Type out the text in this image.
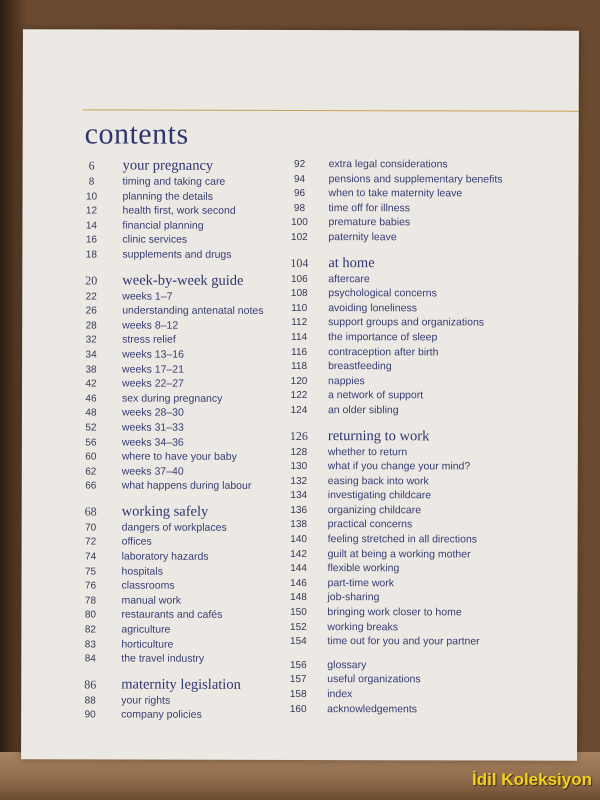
contents
6	your pregnancy
8	timing and taking care
10	planning the details
12	health first, work second
14	financial planning
16	clinic services
18	supplements and drugs
20	week-by-week guide
22	weeks 1–7
26	understanding antenatal notes
28	weeks 8–12
32	stress relief
34	weeks 13–16
38	weeks 17–21
42	weeks 22–27
46	sex during pregnancy
48	weeks 28–30
52	weeks 31–33
56	weeks 34–36
60	where to have your baby
62	weeks 37–40
66	what happens during labour
68	working safely
70	dangers of workplaces
72	offices
74	laboratory hazards
75	hospitals
76	classrooms
78	manual work
80	restaurants and cafés
82	agriculture
83	horticulture
84	the travel industry
86	maternity legislation
88	your rights
90	company policies
92	extra legal considerations
94	pensions and supplementary benefits
96	when to take maternity leave
98	time off for illness
100	premature babies
102	paternity leave
104	at home
106	aftercare
108	psychological concerns
110	avoiding loneliness
112	support groups and organizations
114	the importance of sleep
116	contraception after birth
118	breastfeeding
120	nappies
122	a network of support
124	an older sibling
126	returning to work
128	whether to return
130	what if you change your mind?
132	easing back into work
134	investigating childcare
136	organizing childcare
138	practical concerns
140	feeling stretched in all directions
142	guilt at being a working mother
144	flexible working
146	part-time work
148	job-sharing
150	bringing work closer to home
152	working breaks
154	time out for you and your partner
156	glossary
157	useful organizations
158	index
160	acknowledgements
İdil Koleksiyon
